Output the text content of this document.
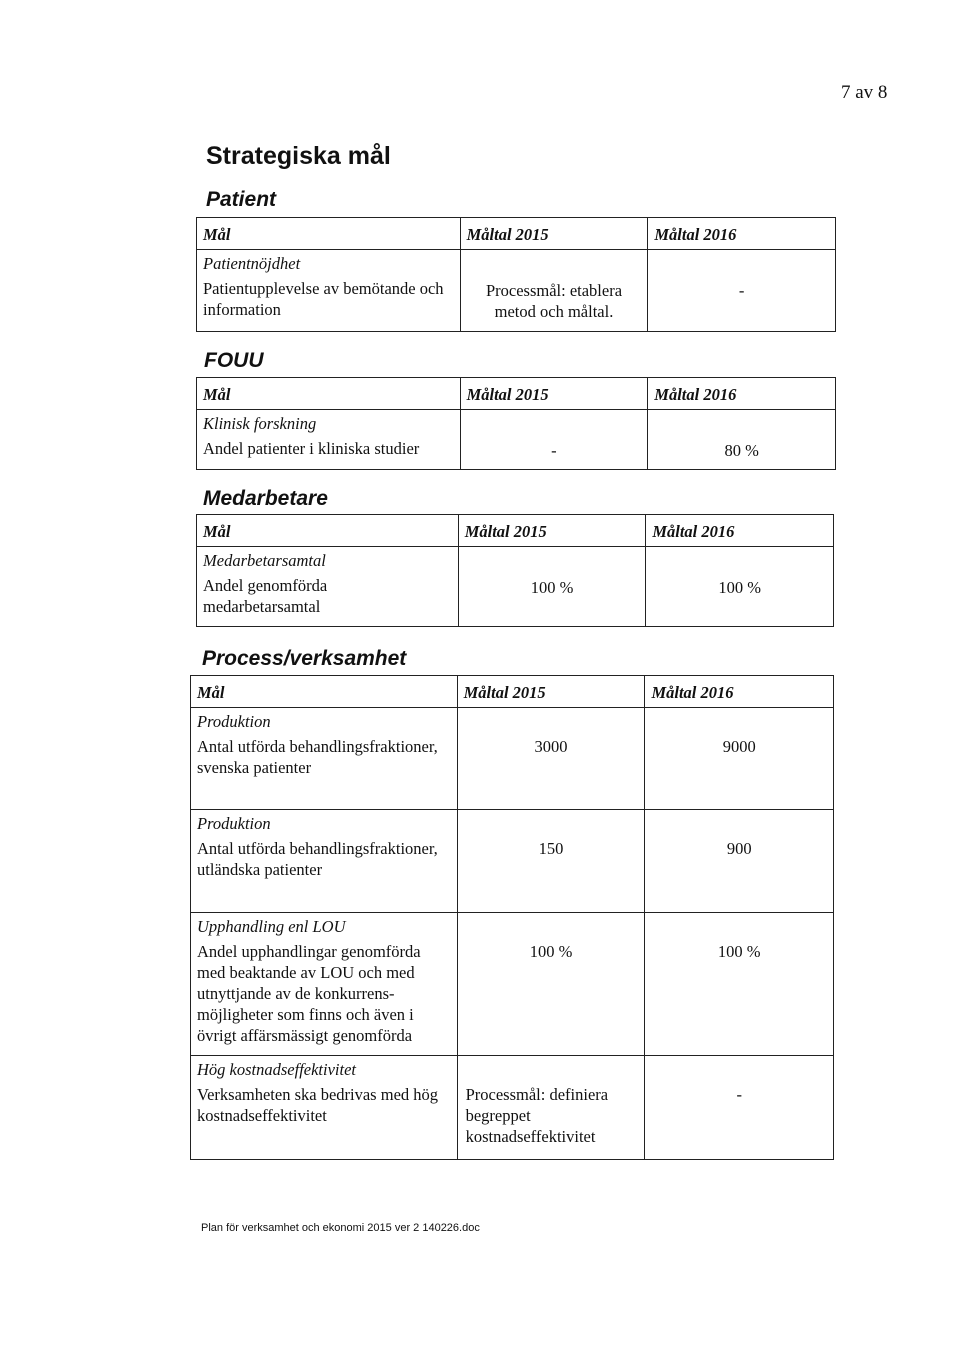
7 av 8
Strategiska mål
Patient
Mål	Måltal 2015	Måltal 2016

Patientnöjdhet
Patientupplevelse av bemötande och information	Processmål: etablera metod och måltal.	-
FOUU
Mål	Måltal 2015	Måltal 2016

Klinisk forskning
Andel patienter i kliniska studier	-	80 %
Medarbetare
Mål	Måltal 2015	Måltal 2016

Medarbetarsamtal
Andel genomförda medarbetarsamtal	100 %	100 %
Process/verksamhet
Mål	Måltal 2015	Måltal 2016

Produktion
Antal utförda behandlingsfraktioner, svenska patienter	3000	9000

Produktion
Antal utförda behandlingsfraktioner, utländska patienter	150	900

Upphandling enl LOU
Andel upphandlingar genomförda med beaktande av LOU och med utnyttjande av de konkurrens-möjligheter som finns och även i övrigt affärsmässigt genomförda	100 %	100 %

Hög kostnadseffektivitet
Verksamheten ska bedrivas med hög kostnadseffektivitet	Processmål: definiera begreppet kostnadseffektivitet	-
Plan för verksamhet och ekonomi 2015 ver 2 140226.doc
